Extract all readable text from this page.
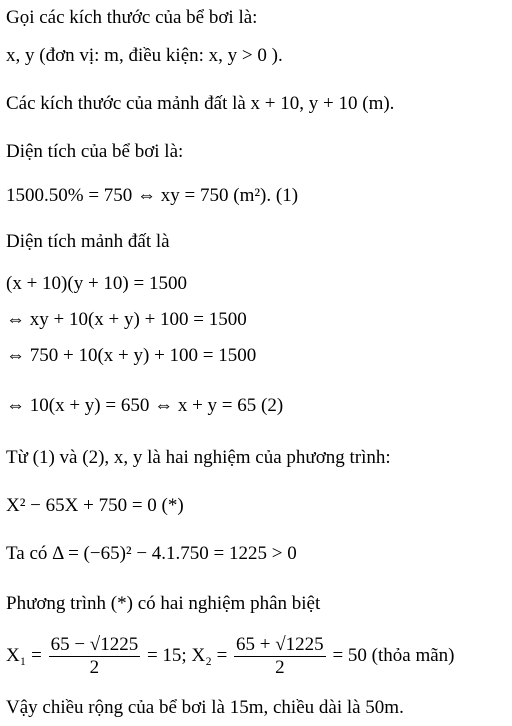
Gọi các kích thước của bể bơi là:
x, y (đơn vị: m, điều kiện: x, y > 0 ).
Các kích thước của mảnh đất là x + 10, y + 10 (m).
Diện tích của bể bơi là:
1500.50% = 750 ⇔ xy = 750 (m²). (1)
Diện tích mảnh đất là
(x + 10)(y + 10) = 1500
⇔ xy + 10(x + y) + 100 = 1500
⇔ 750 + 10(x + y) + 100 = 1500
⇔ 10(x + y) = 650 ⇔ x + y = 65 (2)
Từ (1) và (2), x, y là hai nghiệm của phương trình:
X² − 65X + 750 = 0 (*)
Ta có Δ = (−65)² − 4.1.750 = 1225 > 0
Phương trình (*) có hai nghiệm phân biệt
$X_1 = \frac{65 - √1225}{2} = 15$; $X_2 = \frac{65 + √1225}{2} = 50$ (thỏa mãn)
Vậy chiều rộng của bể bơi là 15m, chiều dài là 50m.
